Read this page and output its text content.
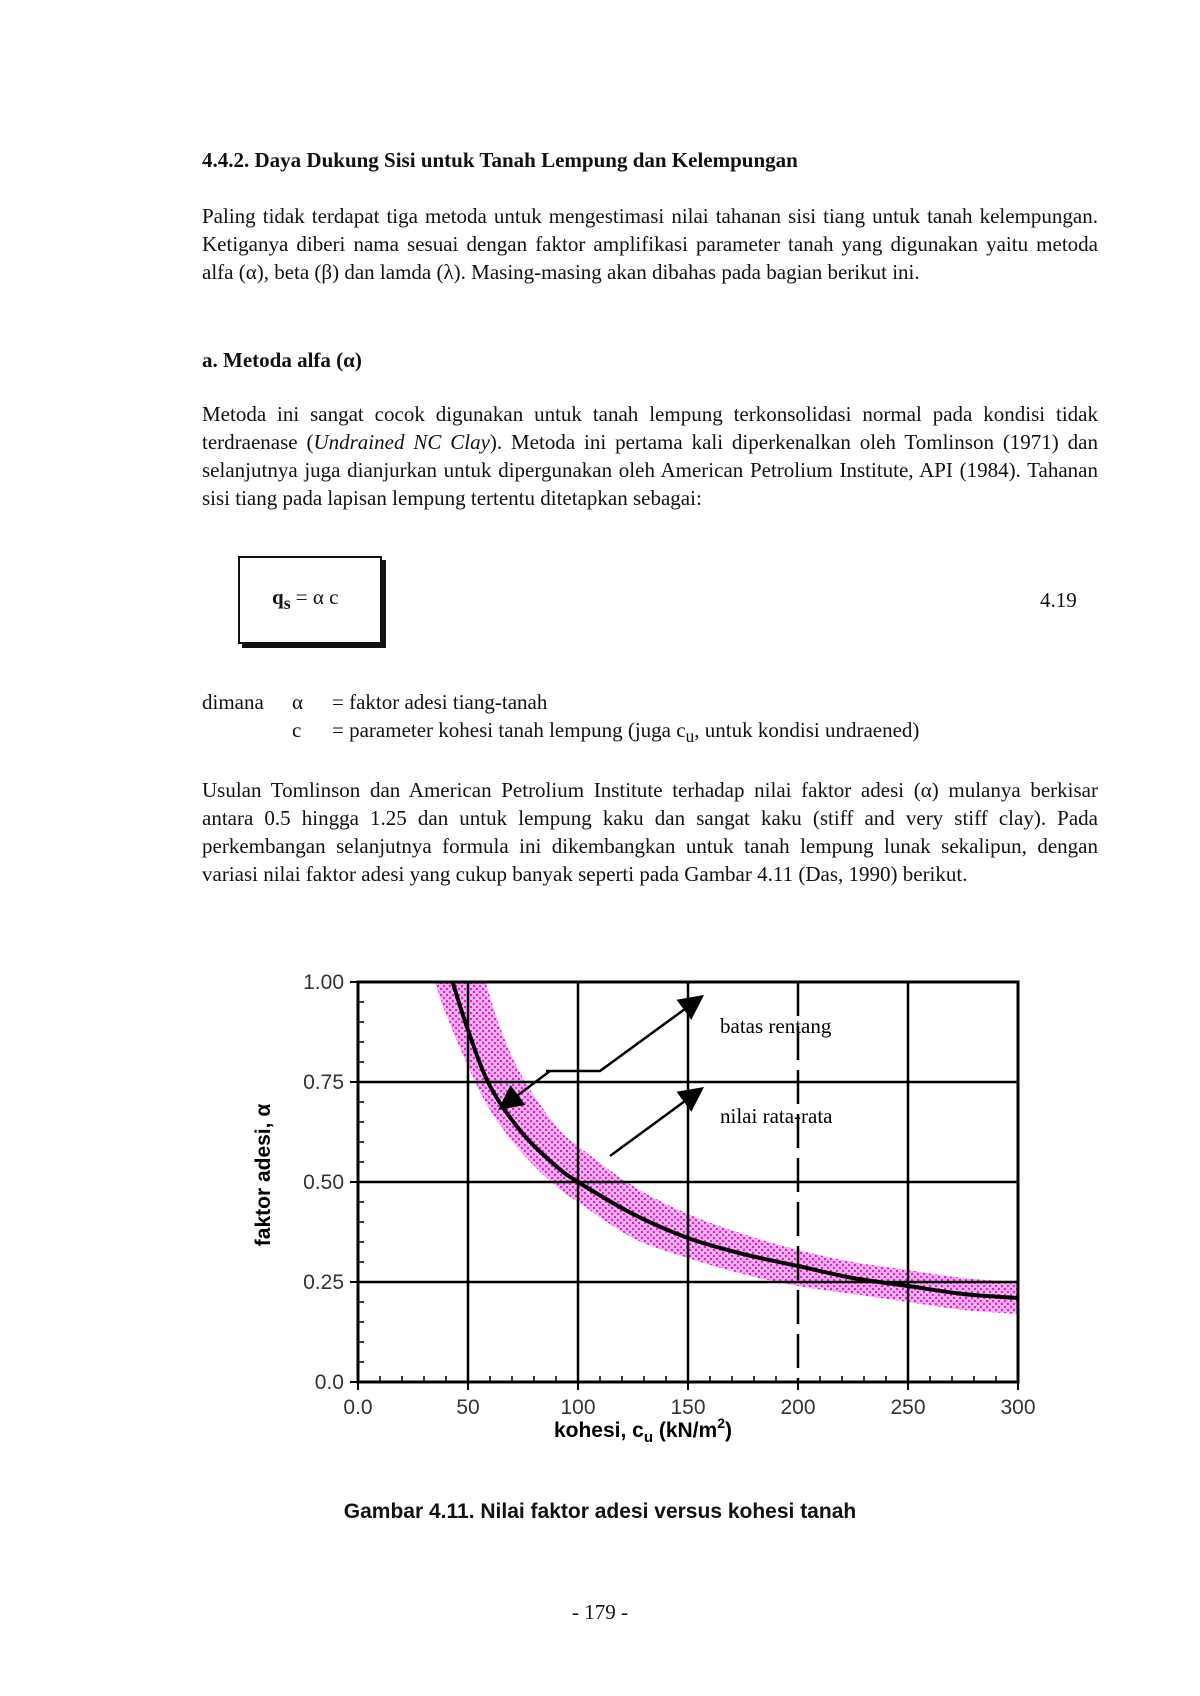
4.4.2. Daya Dukung Sisi untuk Tanah Lempung dan Kelempungan
Paling tidak terdapat tiga metoda untuk mengestimasi nilai tahanan sisi tiang untuk tanah kelempungan. Ketiganya diberi nama sesuai dengan faktor amplifikasi parameter tanah yang digunakan yaitu metoda alfa (α), beta (β) dan lamda (λ). Masing-masing akan dibahas pada bagian berikut ini.
a. Metoda alfa (α)
Metoda ini sangat cocok digunakan untuk tanah lempung terkonsolidasi normal pada kondisi tidak terdraenase (Undrained NC Clay). Metoda ini pertama kali diperkenalkan oleh Tomlinson (1971) dan selanjutnya juga dianjurkan untuk dipergunakan oleh American Petrolium Institute, API (1984). Tahanan sisi tiang pada lapisan lempung tertentu ditetapkan sebagai:
$q_s = \alpha$ c	4.19
dimana	α	= faktor adesi tiang-tanah
c	= parameter kohesi tanah lempung (juga $c_u$, untuk kondisi undraened)
Usulan Tomlinson dan American Petrolium Institute terhadap nilai faktor adesi (α) mulanya berkisar antara 0.5 hingga 1.25 dan untuk lempung kaku dan sangat kaku (stiff and very stiff clay). Pada perkembangan selanjutnya formula ini dikembangkan untuk tanah lempung lunak sekalipun, dengan variasi nilai faktor adesi yang cukup banyak seperti pada Gambar 4.11 (Das, 1990) berikut.
0.0	50	100	150	200	250	300
0.0
0.25
0.50
0.75
1.00
batas rentang
nilai rata-rata
faktor adesi, α
kohesi, $c_u$ $(kN/m^2)$
Gambar 4.11. Nilai faktor adesi versus kohesi tanah
- 179 -
